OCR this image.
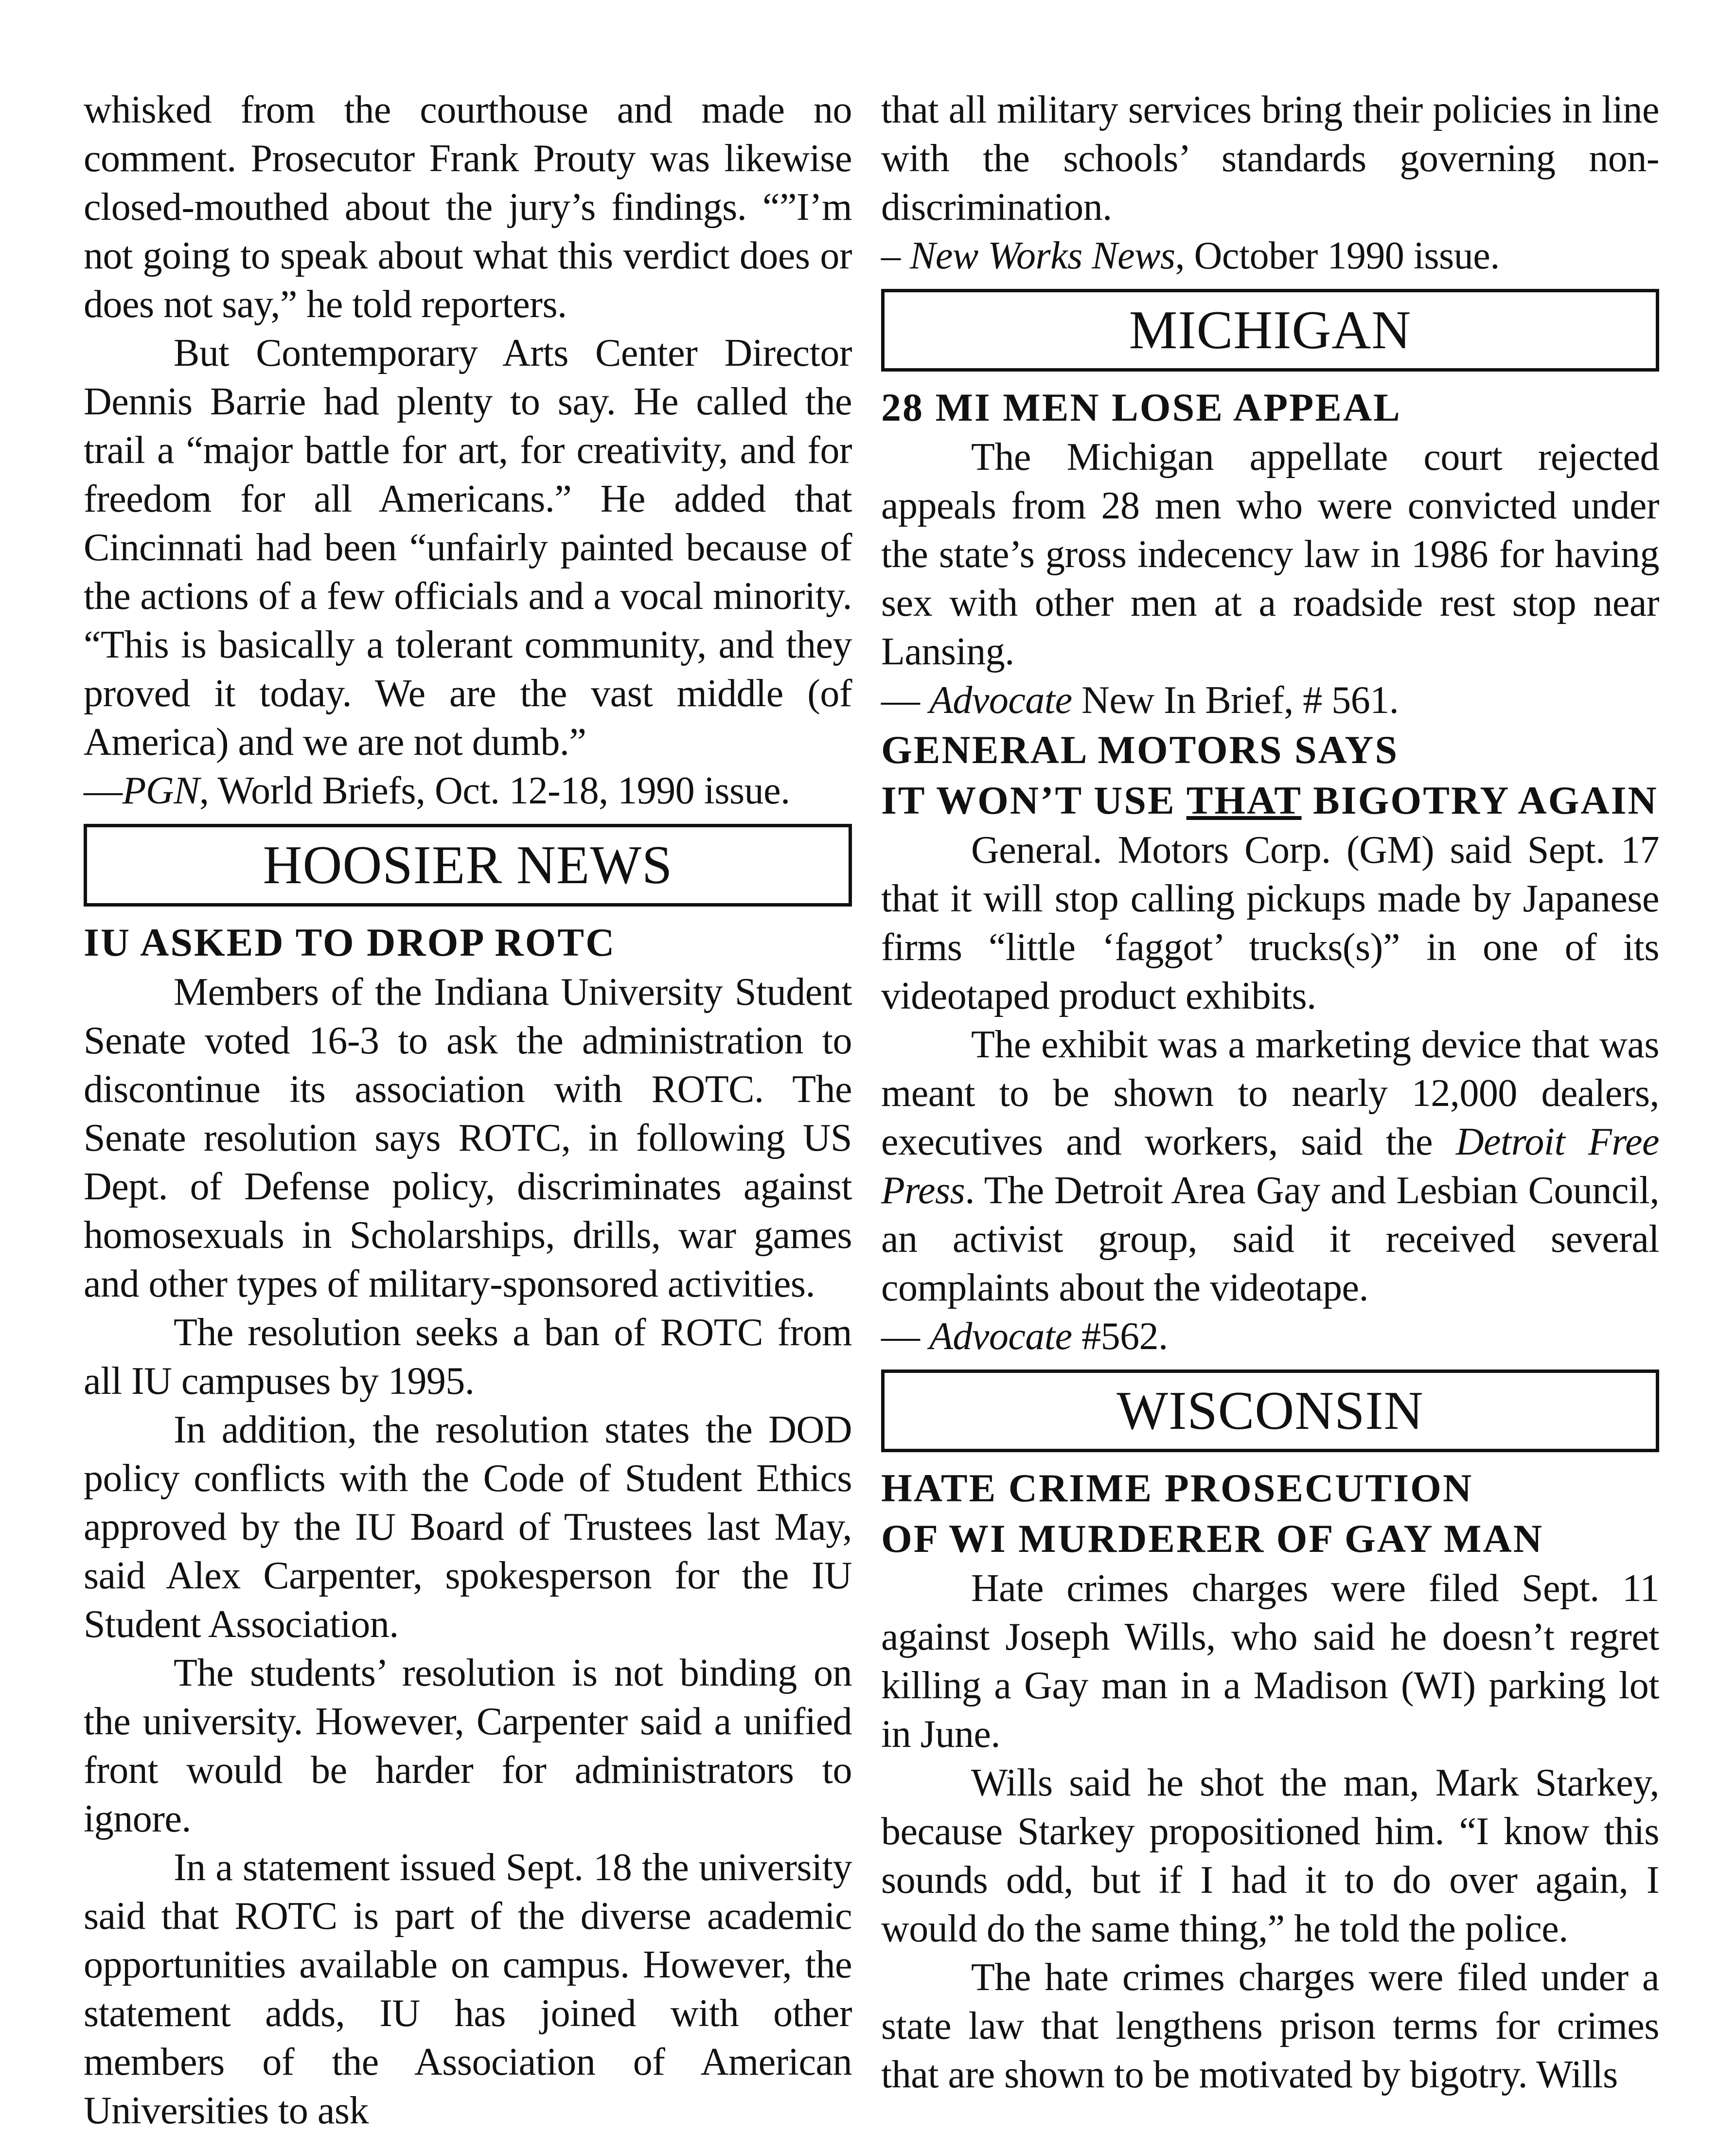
whisked from the courthouse and made no comment. Prosecutor Frank Prouty was likewise closed-mouthed about the jury’s findings. “”I’m not going to speak about what this verdict does or does not say,” he told reporters.

But Contemporary Arts Center Director Dennis Barrie had plenty to say. He called the trail a “major battle for art, for creativity, and for freedom for all Americans.” He added that Cincinnati had been “unfairly painted because of the actions of a few officials and a vocal minority. “This is basically a tolerant community, and they proved it today. We are the vast middle (of America) and we are not dumb.”

—PGN, World Briefs, Oct. 12-18, 1990 issue.

HOOSIER NEWS
IU ASKED TO DROP ROTC

Members of the Indiana University Student Senate voted 16-3 to ask the administration to discontinue its association with ROTC. The Senate resolution says ROTC, in following US Dept. of Defense policy, discriminates against homosexuals in Scholarships, drills, war games and other types of military-sponsored activities.

The resolution seeks a ban of ROTC from all IU campuses by 1995.

In addition, the resolution states the DOD policy conflicts with the Code of Student Ethics approved by the IU Board of Trustees last May, said Alex Carpenter, spokesperson for the IU Student Association.

The students’ resolution is not binding on the university. However, Carpenter said a unified front would be harder for administrators to ignore.

In a statement issued Sept. 18 the university said that ROTC is part of the diverse academic opportunities available on campus. However, the statement adds, IU has joined with other members of the Association of American Universities to ask

that all military services bring their policies in line with the schools’ standards governing non-discrimination.

– New Works News, October 1990 issue.

MICHIGAN
28 MI MEN LOSE APPEAL

The Michigan appellate court rejected appeals from 28 men who were convicted under the state’s gross indecency law in 1986 for having sex with other men at a roadside rest stop near Lansing.

— Advocate New In Brief, # 561.

GENERAL MOTORS SAYS
IT WON’T USE THAT BIGOTRY AGAIN

General. Motors Corp. (GM) said Sept. 17 that it will stop calling pickups made by Japanese firms “little ‘faggot’ trucks(s)” in one of its videotaped product exhibits.

The exhibit was a marketing device that was meant to be shown to nearly 12,000 dealers, executives and workers, said the Detroit Free Press. The Detroit Area Gay and Lesbian Council, an activist group, said it received several complaints about the videotape.

— Advocate #562.

WISCONSIN
HATE CRIME PROSECUTION
OF WI MURDERER OF GAY MAN

Hate crimes charges were filed Sept. 11 against Joseph Wills, who said he doesn’t regret killing a Gay man in a Madison (WI) parking lot in June.

Wills said he shot the man, Mark Starkey, because Starkey propositioned him. “I know this sounds odd, but if I had it to do over again, I would do the same thing,” he told the police.

The hate crimes charges were filed under a state law that lengthens prison terms for crimes that are shown to be motivated by bigotry. Wills
